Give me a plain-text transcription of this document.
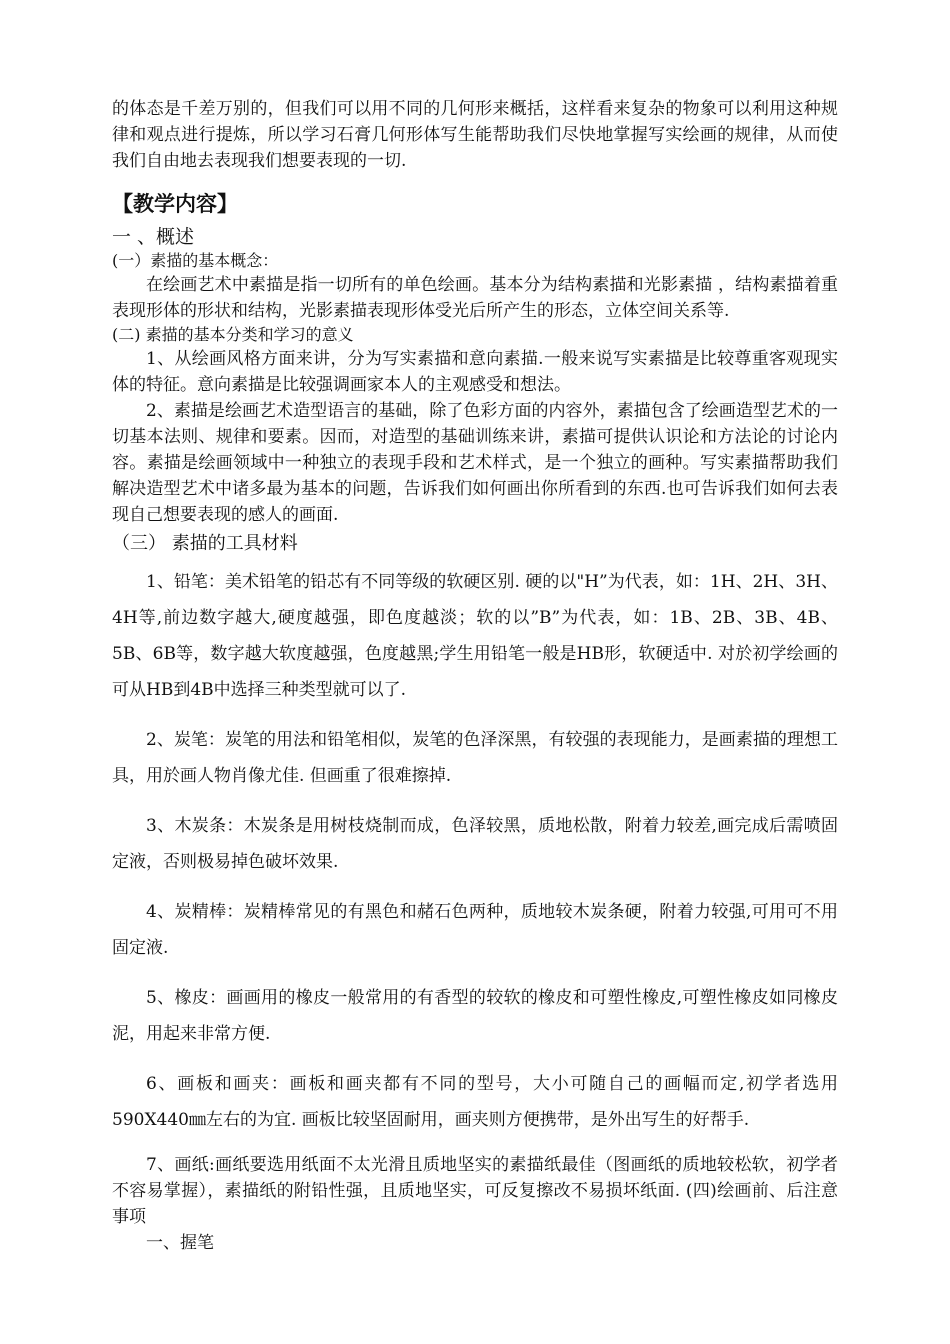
的体态是千差万别的，但我们可以用不同的几何形来概括，这样看来复杂的物象可以利用这种规律和观点进行提炼，所以学习石膏几何形体写生能帮助我们尽快地掌握写实绘画的规律，从而使我们自由地去表现我们想要表现的一切.

【教学内容】

一 、概述

(一）素描的基本概念：

在绘画艺术中素描是指一切所有的单色绘画。基本分为结构素描和光影素描 ，结构素描着重表现形体的形状和结构，光影素描表现形体受光后所产生的形态，立体空间关系等.

(二) 素描的基本分类和学习的意义

1、从绘画风格方面来讲，分为写实素描和意向素描.一般来说写实素描是比较尊重客观现实体的特征。意向素描是比较强调画家本人的主观感受和想法。

2、素描是绘画艺术造型语言的基础，除了色彩方面的内容外，素描包含了绘画造型艺术的一切基本法则、规律和要素。因而，对造型的基础训练来讲，素描可提供认识论和方法论的讨论内容。素描是绘画领域中一种独立的表现手段和艺术样式，是一个独立的画种。写实素描帮助我们解决造型艺术中诸多最为基本的问题，告诉我们如何画出你所看到的东西.也可告诉我们如何去表现自己想要表现的感人的画面.

（三） 素描的工具材料

1、铅笔：美术铅笔的铅芯有不同等级的软硬区别. 硬的以"H”为代表，如：1H、2H、3H、4H等,前边数字越大,硬度越强，即色度越淡；软的以”B”为代表，如：1B、2B、3B、4B、5B、6B等，数字越大软度越强，色度越黑;学生用铅笔一般是HB形，软硬适中. 对於初学绘画的可从HB到4B中选择三种类型就可以了.

2、炭笔：炭笔的用法和铅笔相似，炭笔的色泽深黑，有较强的表现能力，是画素描的理想工具，用於画人物肖像尤佳. 但画重了很难擦掉.

3、木炭条：木炭条是用树枝烧制而成，色泽较黑，质地松散，附着力较差,画完成后需喷固定液，否则极易掉色破坏效果.

4、炭精棒：炭精棒常见的有黑色和赭石色两种，质地较木炭条硬，附着力较强,可用可不用固定液.

5、橡皮：画画用的橡皮一般常用的有香型的较软的橡皮和可塑性橡皮,可塑性橡皮如同橡皮泥，用起来非常方便.

6、画板和画夹：画板和画夹都有不同的型号，大小可随自己的画幅而定,初学者选用590X440㎜左右的为宜. 画板比较坚固耐用，画夹则方便携带，是外出写生的好帮手.

7、画纸:画纸要选用纸面不太光滑且质地坚实的素描纸最佳（图画纸的质地较松软，初学者不容易掌握），素描纸的附铅性强，且质地坚实，可反复擦改不易损坏纸面. (四)绘画前、后注意事项

一、握笔
